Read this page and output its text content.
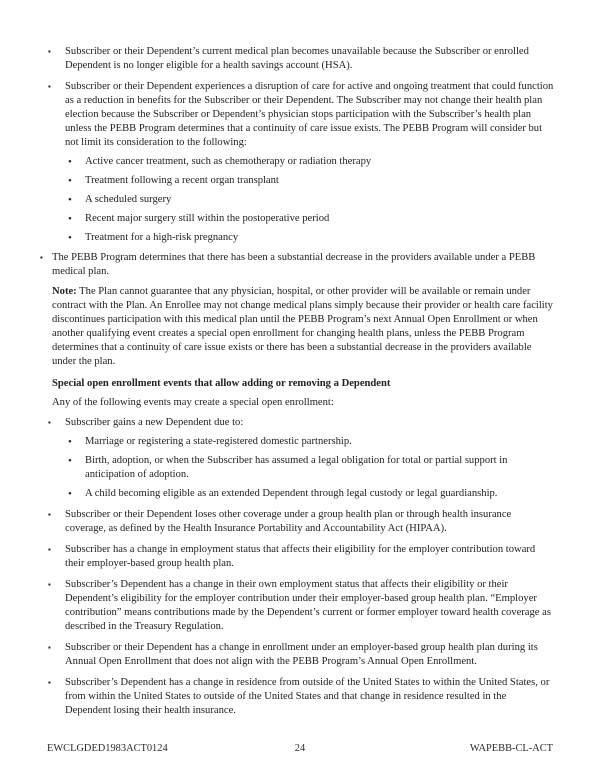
▪ Subscriber or their Dependent’s current medical plan becomes unavailable because the Subscriber or enrolled Dependent is no longer eligible for a health savings account (HSA).
▪ Subscriber or their Dependent experiences a disruption of care for active and ongoing treatment that could function as a reduction in benefits for the Subscriber or their Dependent. The Subscriber may not change their health plan election because the Subscriber or Dependent’s physician stops participation with the Subscriber’s health plan unless the PEBB Program determines that a continuity of care issue exists. The PEBB Program will consider but not limit its consideration to the following:
• Active cancer treatment, such as chemotherapy or radiation therapy
• Treatment following a recent organ transplant
• A scheduled surgery
• Recent major surgery still within the postoperative period
• Treatment for a high-risk pregnancy
▪ The PEBB Program determines that there has been a substantial decrease in the providers available under a PEBB medical plan.
Note: The Plan cannot guarantee that any physician, hospital, or other provider will be available or remain under contract with the Plan. An Enrollee may not change medical plans simply because their provider or health care facility discontinues participation with this medical plan until the PEBB Program’s next Annual Open Enrollment or when another qualifying event creates a special open enrollment for changing health plans, unless the PEBB Program determines that a continuity of care issue exists or there has been a substantial decrease in the providers available under the plan.
Special open enrollment events that allow adding or removing a Dependent
Any of the following events may create a special open enrollment:
▪ Subscriber gains a new Dependent due to:
• Marriage or registering a state-registered domestic partnership.
• Birth, adoption, or when the Subscriber has assumed a legal obligation for total or partial support in anticipation of adoption.
• A child becoming eligible as an extended Dependent through legal custody or legal guardianship.
▪ Subscriber or their Dependent loses other coverage under a group health plan or through health insurance coverage, as defined by the Health Insurance Portability and Accountability Act (HIPAA).
▪ Subscriber has a change in employment status that affects their eligibility for the employer contribution toward their employer-based group health plan.
▪ Subscriber’s Dependent has a change in their own employment status that affects their eligibility or their Dependent’s eligibility for the employer contribution under their employer-based group health plan. “Employer contribution” means contributions made by the Dependent’s current or former employer toward health coverage as described in the Treasury Regulation.
▪ Subscriber or their Dependent has a change in enrollment under an employer-based group health plan during its Annual Open Enrollment that does not align with the PEBB Program’s Annual Open Enrollment.
▪ Subscriber’s Dependent has a change in residence from outside of the United States to within the United States, or from within the United States to outside of the United States and that change in residence resulted in the Dependent losing their health insurance.
EWCLGDED1983ACT0124	24	WAPEBB-CL-ACT
